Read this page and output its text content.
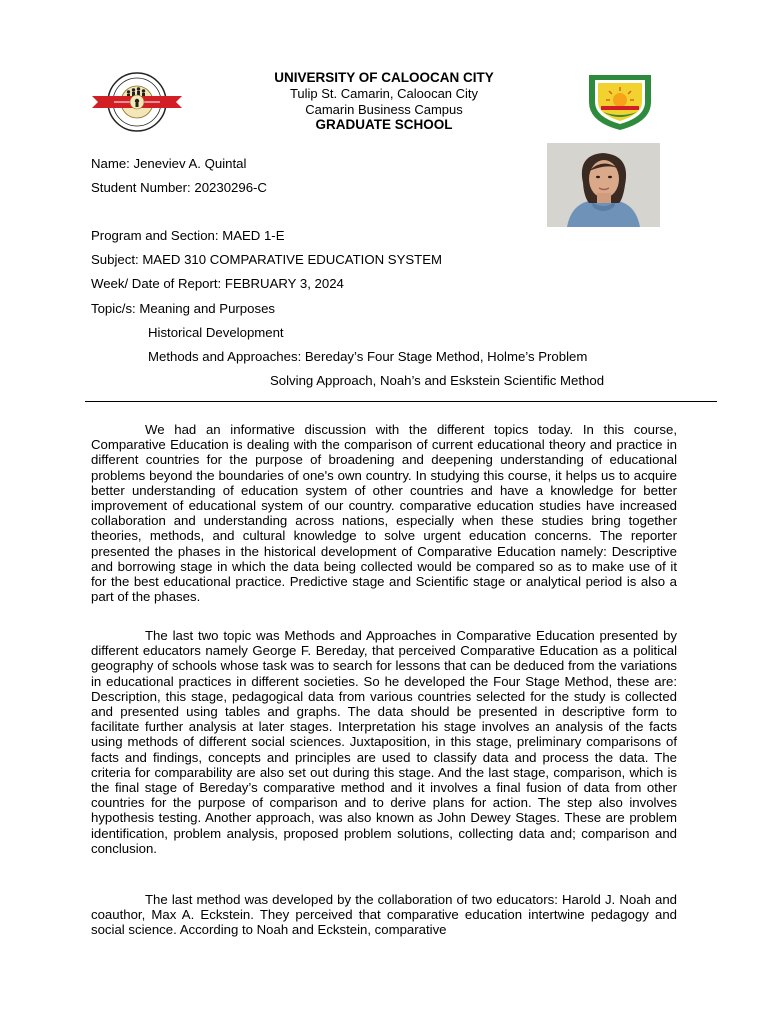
UNIVERSITY OF CALOOCAN CITY
Tulip St. Camarin, Caloocan City
Camarin Business Campus
GRADUATE SCHOOL
Name: Jeneviev A. Quintal
Student Number: 20230296-C
Program and Section: MAED 1-E
Subject: MAED 310 COMPARATIVE EDUCATION SYSTEM
Week/ Date of Report: FEBRUARY 3, 2024
Topic/s: Meaning and Purposes
Historical Development
Methods and Approaches: Bereday’s Four Stage Method, Holme’s Problem
Solving Approach, Noah’s and Eskstein Scientific Method

We had an informative discussion with the different topics today. In this course, Comparative Education is dealing with the comparison of current educational theory and practice in different countries for the purpose of broadening and deepening understanding of educational problems beyond the boundaries of one's own country. In studying this course, it helps us to acquire better understanding of education system of other countries and have a knowledge for better improvement of educational system of our country. comparative education studies have increased collaboration and understanding across nations, especially when these studies bring together theories, methods, and cultural knowledge to solve urgent education concerns. The reporter presented the phases in the historical development of Comparative Education namely: Descriptive and borrowing stage in which the data being collected would be compared so as to make use of it for the best educational practice. Predictive stage and Scientific stage or analytical period is also a part of the phases.

The last two topic was Methods and Approaches in Comparative Education presented by different educators namely George F. Bereday, that perceived Comparative Education as a political geography of schools whose task was to search for lessons that can be deduced from the variations in educational practices in different societies. So he developed the Four Stage Method, these are: Description, this stage, pedagogical data from various countries selected for the study is collected and presented using tables and graphs. The data should be presented in descriptive form to facilitate further analysis at later stages. Interpretation his stage involves an analysis of the facts using methods of different social sciences. Juxtaposition, in this stage, preliminary comparisons of facts and findings, concepts and principles are used to classify data and process the data. The criteria for comparability are also set out during this stage. And the last stage, comparison, which is the final stage of Bereday’s comparative method and it involves a final fusion of data from other countries for the purpose of comparison and to derive plans for action. The step also involves hypothesis testing. Another approach, was also known as John Dewey Stages. These are problem identification, problem analysis, proposed problem solutions, collecting data and; comparison and conclusion.

The last method was developed by the collaboration of two educators: Harold J. Noah and coauthor, Max A. Eckstein. They perceived that comparative education intertwine pedagogy and social science. According to Noah and Eckstein, comparative
